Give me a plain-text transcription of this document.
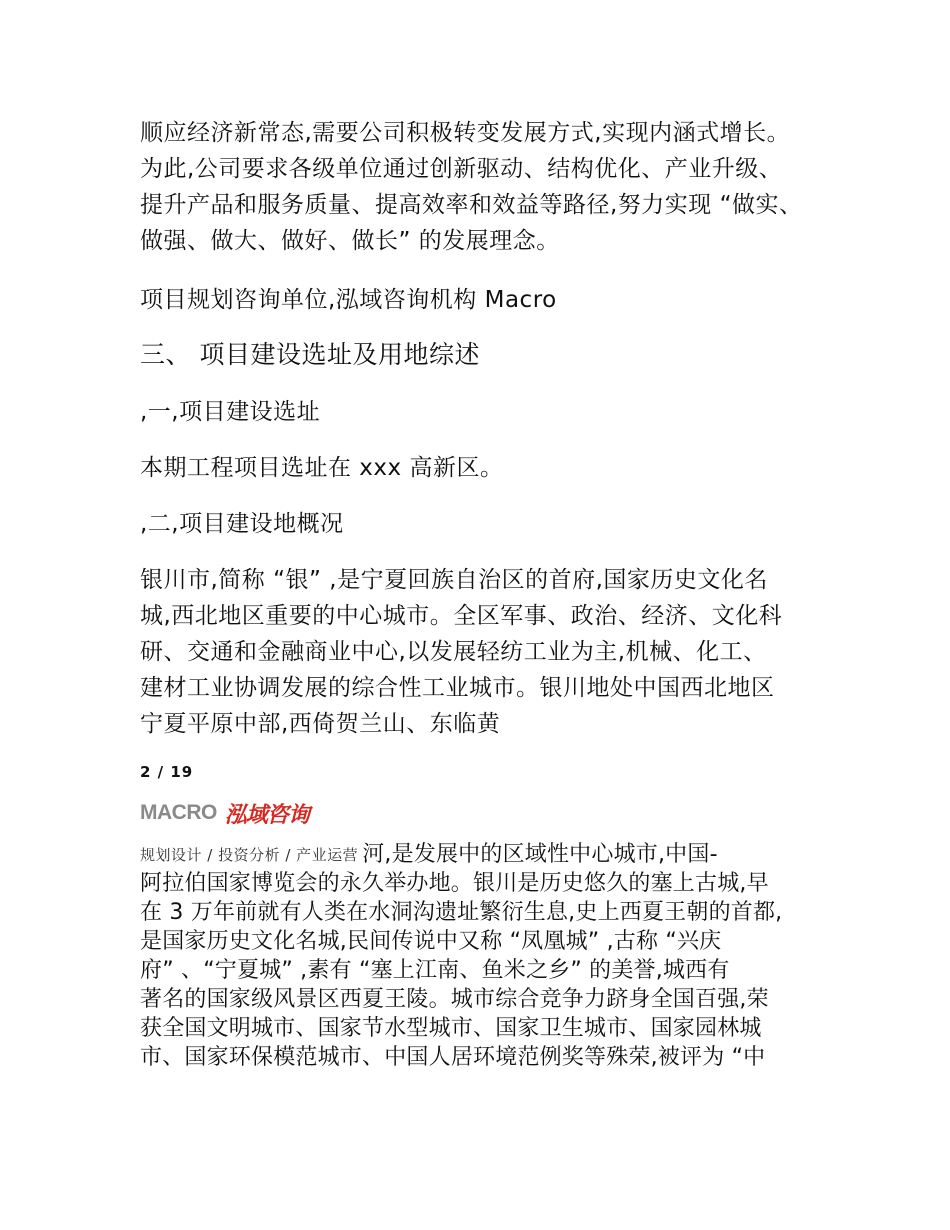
顺应经济新常态,需要公司积极转变发展方式,实现内涵式增长。
为此,公司要求各级单位通过创新驱动、结构优化、产业升级、
提升产品和服务质量、提高效率和效益等路径,努力实现 “做实、
做强、做大、做好、做长” 的发展理念。
项目规划咨询单位,泓域咨询机构 Macro
三、 项目建设选址及用地综述
,一,项目建设选址
本期工程项目选址在 xxx 高新区。
,二,项目建设地概况
银川市,简称 “银” ,是宁夏回族自治区的首府,国家历史文化名
城,西北地区重要的中心城市。全区军事、政治、经济、文化科
研、交通和金融商业中心,以发展轻纺工业为主,机械、化工、
建材工业协调发展的综合性工业城市。银川地处中国西北地区
宁夏平原中部,西倚贺兰山、东临黄
2 / 19
MACRO 泓域咨询
规划设计 / 投资分析 / 产业运营 河,是发展中的区域性中心城市,中国-
阿拉伯国家博览会的永久举办地。银川是历史悠久的塞上古城,早
在 3 万年前就有人类在水洞沟遗址繁衍生息,史上西夏王朝的首都,
是国家历史文化名城,民间传说中又称 “凤凰城” ,古称 “兴庆
府” 、“宁夏城” ,素有 “塞上江南、鱼米之乡” 的美誉,城西有
著名的国家级风景区西夏王陵。城市综合竞争力跻身全国百强,荣
获全国文明城市、国家节水型城市、国家卫生城市、国家园林城
市、国家环保模范城市、中国人居环境范例奖等殊荣,被评为 “中
